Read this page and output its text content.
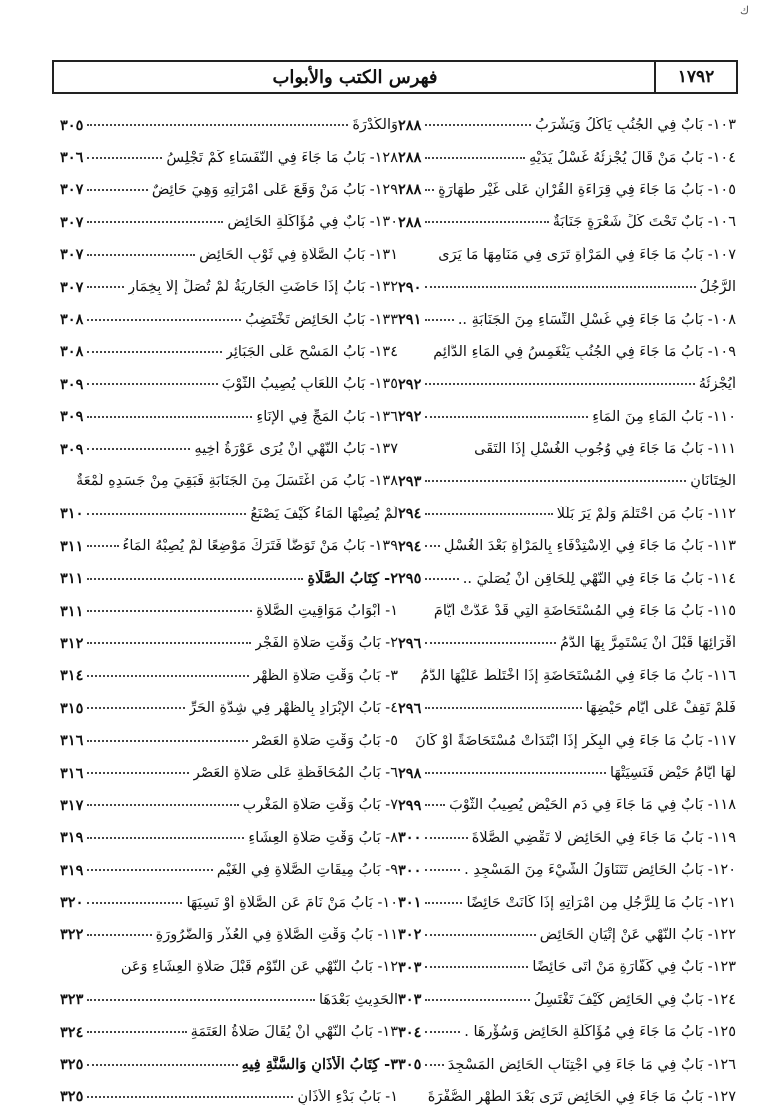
ك
١٧٩٢
فهرس الكتب والأبواب
١٠٣- بَابٌ فِي الْجُنُبِ يَأْكُلُ وَيَشْرَبُ
٢٨٨
١٠٤- بَابُ مَنْ قَالَ يُجْزِئُهُ غَسْلُ يَدَيْهِ
٢٨٨
١٠٥- بَابُ مَا جَاءَ فِي قِرَاءَةِ الْقُرْآنِ عَلَى غَيْرِ طَهَارَةٍ
٢٨٨
١٠٦- بَابٌ تَحْتَ كُلِّ شَعْرَةٍ جَنَابَةٌ
٢٨٨
١٠٧- بَابُ مَا جَاءَ فِي الْمَرْأَةِ تَرَى فِي مَنَامِهَا مَا يَرَى
الرَّجُلُ
٢٩٠
١٠٨- بَابُ مَا جَاءَ فِي غُسْلِ النِّسَاءِ مِنَ الْجَنَابَةِ ..
٢٩١
١٠٩- بَابُ مَا جَاءَ فِي الْجُنُبِ يَنْغَمِسُ فِي الْمَاءِ الدَّائِمِ
أَيُجْزِئُهُ
٢٩٢
١١٠- بَابُ الْمَاءِ مِنَ الْمَاءِ
٢٩٢
١١١- بَابُ مَا جَاءَ فِي وُجُوبِ الْغُسْلِ إِذَا الْتَقَى
الْخِتَانَانِ
٢٩٣
١١٢- بَابُ مَنِ احْتَلَمَ وَلَمْ يَرَ بَلَلًا
٢٩٤
١١٣- بَابُ مَا جَاءَ فِي الِاسْتِدْفَاءِ بِالْمَرْأَةِ بَعْدَ الْغُسْلِ
٢٩٤
١١٤- بَابُ مَا جَاءَ فِي النَّهْيِ لِلْحَاقِنِ أَنْ يُصَلِّيَ ..
٢٩٥
١١٥- بَابُ مَا جَاءَ فِي الْمُسْتَحَاضَةِ الَّتِي قَدْ عَدَّتْ أَيَّامَ
أَقْرَائِهَا قَبْلَ أَنْ يَسْتَمِرَّ بِهَا الدَّمُ
٢٩٦
١١٦- بَابُ مَا جَاءَ فِي الْمُسْتَحَاضَةِ إِذَا اخْتَلَطَ عَلَيْهَا الدَّمُ
فَلَمْ تَقِفْ عَلَى أَيَّامِ حَيْضِهَا
٢٩٦
١١٧- بَابُ مَا جَاءَ فِي الْبِكْرِ إِذَا ابْتَدَأَتْ مُسْتَحَاضَةً أَوْ كَانَ
لَهَا أَيَّامُ حَيْضٍ فَنَسِيَتْهَا
٢٩٨
١١٨- بَابٌ فِي مَا جَاءَ فِي دَمِ الْحَيْضِ يُصِيبُ الثَّوْبَ
٢٩٩
١١٩- بَابُ مَا جَاءَ فِي الْحَائِضِ لَا تَقْضِي الصَّلَاةَ
٣٠٠
١٢٠- بَابُ الْحَائِضِ تَتَنَاوَلُ الشَّيْءَ مِنَ الْمَسْجِدِ .
٣٠٠
١٢١- بَابُ مَا لِلرَّجُلِ مِنِ امْرَأَتِهِ إِذَا كَانَتْ حَائِضًا
٣٠١
١٢٢- بَابُ النَّهْيِ عَنْ إِتْيَانِ الْحَائِضِ
٣٠٢
١٢٣- بَابٌ فِي كَفَّارَةِ مَنْ أَتَى حَائِضًا
٣٠٣
١٢٤- بَابٌ فِي الْحَائِضِ كَيْفَ تَغْتَسِلُ
٣٠٣
١٢٥- بَابُ مَا جَاءَ فِي مُؤَاكَلَةِ الْحَائِضِ وَسُؤْرِهَا .
٣٠٤
١٢٦- بَابٌ فِي مَا جَاءَ فِي اجْتِنَابِ الْحَائِضِ الْمَسْجِدَ
٣٠٥
١٢٧- بَابُ مَا جَاءَ فِي الْحَائِضِ تَرَى بَعْدَ الطُّهْرِ الصُّفْرَةَ
وَالْكُدْرَةَ
٣٠٥
١٢٨- بَابُ مَا جَاءَ فِي النُّفَسَاءِ كَمْ تَجْلِسُ
٣٠٦
١٢٩- بَابُ مَنْ وَقَعَ عَلَى امْرَأَتِهِ وَهِيَ حَائِضٌ
٣٠٧
١٣٠- بَابٌ فِي مُؤَاكَلَةِ الْحَائِضِ
٣٠٧
١٣١- بَابُ الصَّلَاةِ فِي ثَوْبِ الْحَائِضِ
٣٠٧
١٣٢- بَابُ إِذَا حَاضَتِ الْجَارِيَةُ لَمْ تُصَلِّ إِلَّا بِخِمَارٍ
٣٠٧
١٣٣- بَابُ الْحَائِضِ تَخْتَضِبُ
٣٠٨
١٣٤- بَابُ الْمَسْحِ عَلَى الْجَبَائِرِ
٣٠٨
١٣٥- بَابُ اللُّعَابِ يُصِيبُ الثَّوْبَ
٣٠٩
١٣٦- بَابُ الْمَجِّ فِي الْإِنَاءِ
٣٠٩
١٣٧- بَابُ النَّهْيِ أَنْ يُرَى عَوْرَةُ أَخِيهِ
٣٠٩
١٣٨- بَابُ مَنِ اغْتَسَلَ مِنَ الْجَنَابَةِ فَبَقِيَ مِنْ جَسَدِهِ لُمْعَةٌ
لَمْ يُصِبْهَا الْمَاءُ كَيْفَ يَصْنَعُ
٣١٠
١٣٩- بَابُ مَنْ تَوَضَّأَ فَتَرَكَ مَوْضِعًا لَمْ يُصِبْهُ الْمَاءُ
٣١١
٢- كِتَابُ الصَّلَاةِ
٣١١
١- أَبْوَابُ مَوَاقِيتِ الصَّلَاةِ
٣١١
٢- بَابُ وَقْتِ صَلَاةِ الْفَجْرِ
٣١٢
٣- بَابُ وَقْتِ صَلَاةِ الظُّهْرِ
٣١٤
٤- بَابُ الْإِبْرَادِ بِالظُّهْرِ فِي شِدَّةِ الْحَرِّ
٣١٥
٥- بَابُ وَقْتِ صَلَاةِ الْعَصْرِ
٣١٦
٦- بَابُ الْمُحَافَظَةِ عَلَى صَلَاةِ الْعَصْرِ
٣١٦
٧- بَابُ وَقْتِ صَلَاةِ الْمَغْرِبِ
٣١٧
٨- بَابُ وَقْتِ صَلَاةِ الْعِشَاءِ
٣١٩
٩- بَابُ مِيقَاتِ الصَّلَاةِ فِي الْغَيْمِ
٣١٩
١٠- بَابُ مَنْ نَامَ عَنِ الصَّلَاةِ أَوْ نَسِيَهَا
٣٢٠
١١- بَابُ وَقْتِ الصَّلَاةِ فِي الْعُذْرِ وَالضَّرُورَةِ
٣٢٢
١٢- بَابُ النَّهْيِ عَنِ النَّوْمِ قَبْلَ صَلَاةِ الْعِشَاءِ وَعَنِ
الْحَدِيثِ بَعْدَهَا
٣٢٣
١٣- بَابُ النَّهْيِ أَنْ يُقَالَ صَلَاةُ الْعَتَمَةِ
٣٢٤
٣- كِتَابُ الْأَذَانِ وَالسُّنَّةِ فِيهِ
٣٢٥
١- بَابُ بَدْءِ الْأَذَانِ
٣٢٥
